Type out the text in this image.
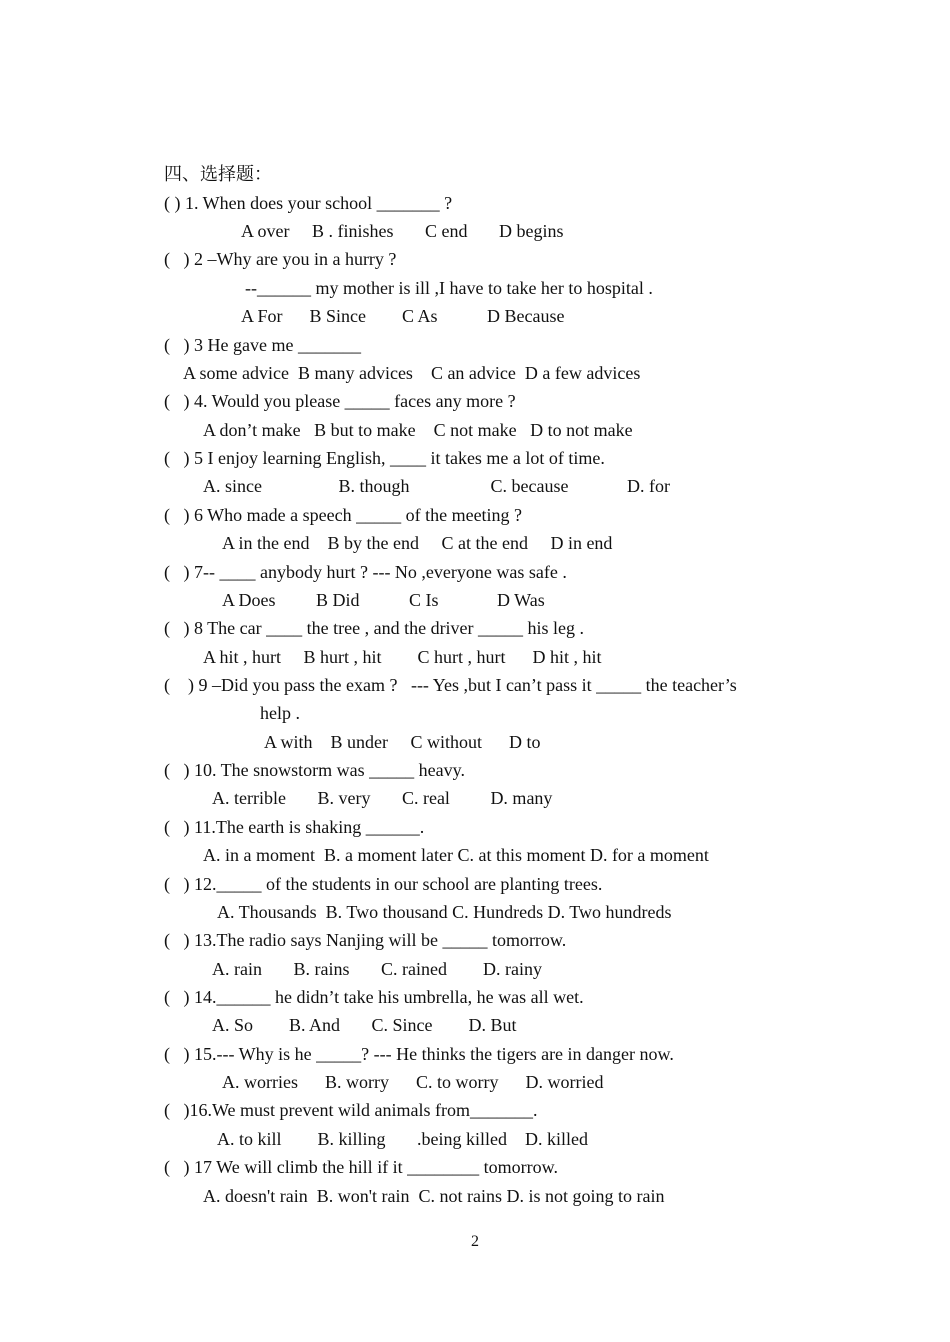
四、选择题：
( ) 1. When does your school _______ ?
A over     B . finishes       C end       D begins
(   ) 2 –Why are you in a hurry ?
--______ my mother is ill ,I have to take her to hospital .
A For      B Since        C As           D Because
(   ) 3 He gave me _______
A some advice  B many advices    C an advice  D a few advices
(   ) 4. Would you please _____ faces any more ?
A don’t make   B but to make    C not make   D to not make
(   ) 5 I enjoy learning English, ____ it takes me a lot of time.
A. since                 B. though                  C. because             D. for
(   ) 6 Who made a speech _____ of the meeting ?
A in the end    B by the end     C at the end     D in end
(   ) 7-- ____ anybody hurt ? --- No ,everyone was safe .
A Does         B Did           C Is             D Was
(   ) 8 The car ____ the tree , and the driver _____ his leg .
A hit , hurt     B hurt , hit        C hurt , hurt      D hit , hit
(    ) 9 –Did you pass the exam ?   --- Yes ,but I can’t pass it _____ the teacher’s
help .
A with    B under     C without      D to
(   ) 10. The snowstorm was _____ heavy.
A. terrible       B. very       C. real         D. many
(   ) 11.The earth is shaking ______.
A. in a moment  B. a moment later C. at this moment D. for a moment
(   ) 12._____ of the students in our school are planting trees.
A. Thousands  B. Two thousand C. Hundreds D. Two hundreds
(   ) 13.The radio says Nanjing will be _____ tomorrow.
A. rain       B. rains       C. rained        D. rainy
(   ) 14.______ he didn’t take his umbrella, he was all wet.
A. So        B. And       C. Since        D. But
(   ) 15.--- Why is he _____? --- He thinks the tigers are in danger now.
A. worries      B. worry      C. to worry      D. worried
(   )16.We must prevent wild animals from_______.
A. to kill        B. killing       .being killed    D. killed
(   ) 17 We will climb the hill if it ________ tomorrow.
A. doesn't rain  B. won't rain  C. not rains D. is not going to rain
2
